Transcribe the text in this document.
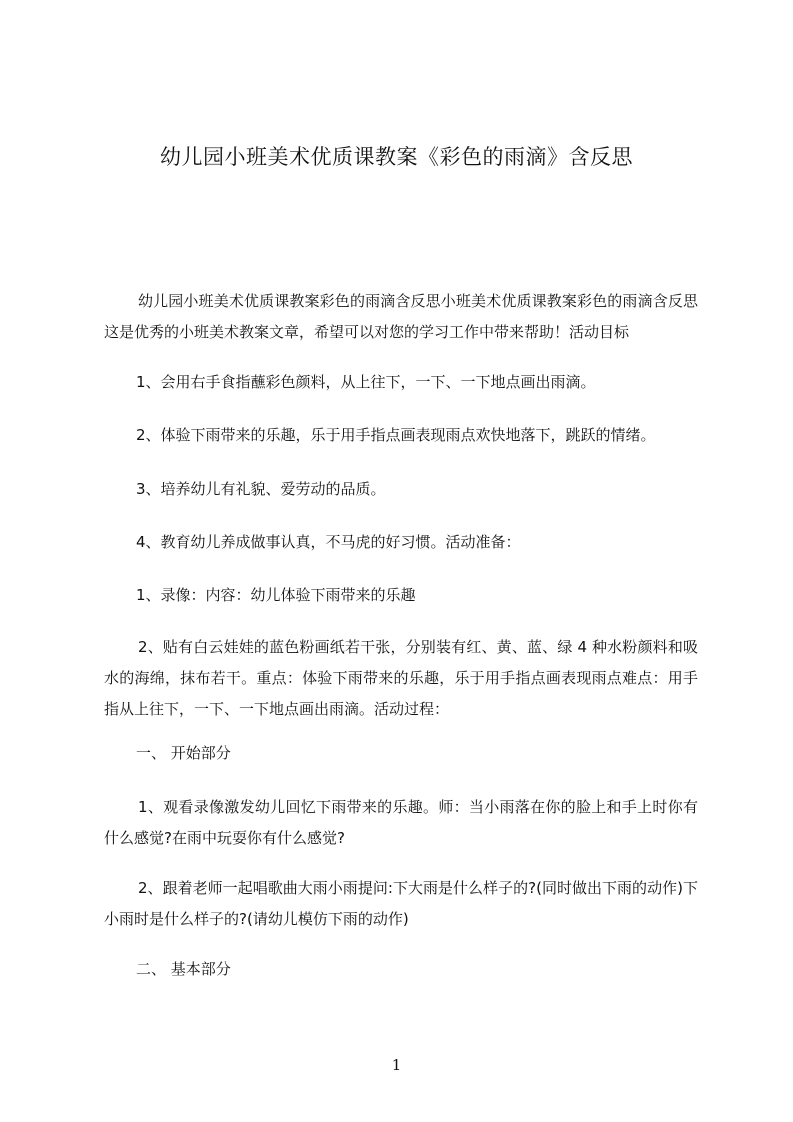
幼儿园小班美术优质课教案《彩色的雨滴》含反思

幼儿园小班美术优质课教案彩色的雨滴含反思小班美术优质课教案彩色的雨滴含反思这是优秀的小班美术教案文章，希望可以对您的学习工作中带来帮助！活动目标

1、会用右手食指蘸彩色颜料，从上往下，一下、一下地点画出雨滴。

2、体验下雨带来的乐趣，乐于用手指点画表现雨点欢快地落下，跳跃的情绪。

3、培养幼儿有礼貌、爱劳动的品质。

4、教育幼儿养成做事认真，不马虎的好习惯。活动准备：

1、录像：内容：幼儿体验下雨带来的乐趣

2、贴有白云娃娃的蓝色粉画纸若干张，分别装有红、黄、蓝、绿 4 种水粉颜料和吸水的海绵，抹布若干。重点：体验下雨带来的乐趣，乐于用手指点画表现雨点难点：用手指从上往下，一下、一下地点画出雨滴。活动过程：

一、 开始部分

1、观看录像激发幼儿回忆下雨带来的乐趣。师：当小雨落在你的脸上和手上时你有什么感觉?在雨中玩耍你有什么感觉?

2、跟着老师一起唱歌曲大雨小雨提问:下大雨是什么样子的?(同时做出下雨的动作)下小雨时是什么样子的?(请幼儿模仿下雨的动作)

二、 基本部分

1
